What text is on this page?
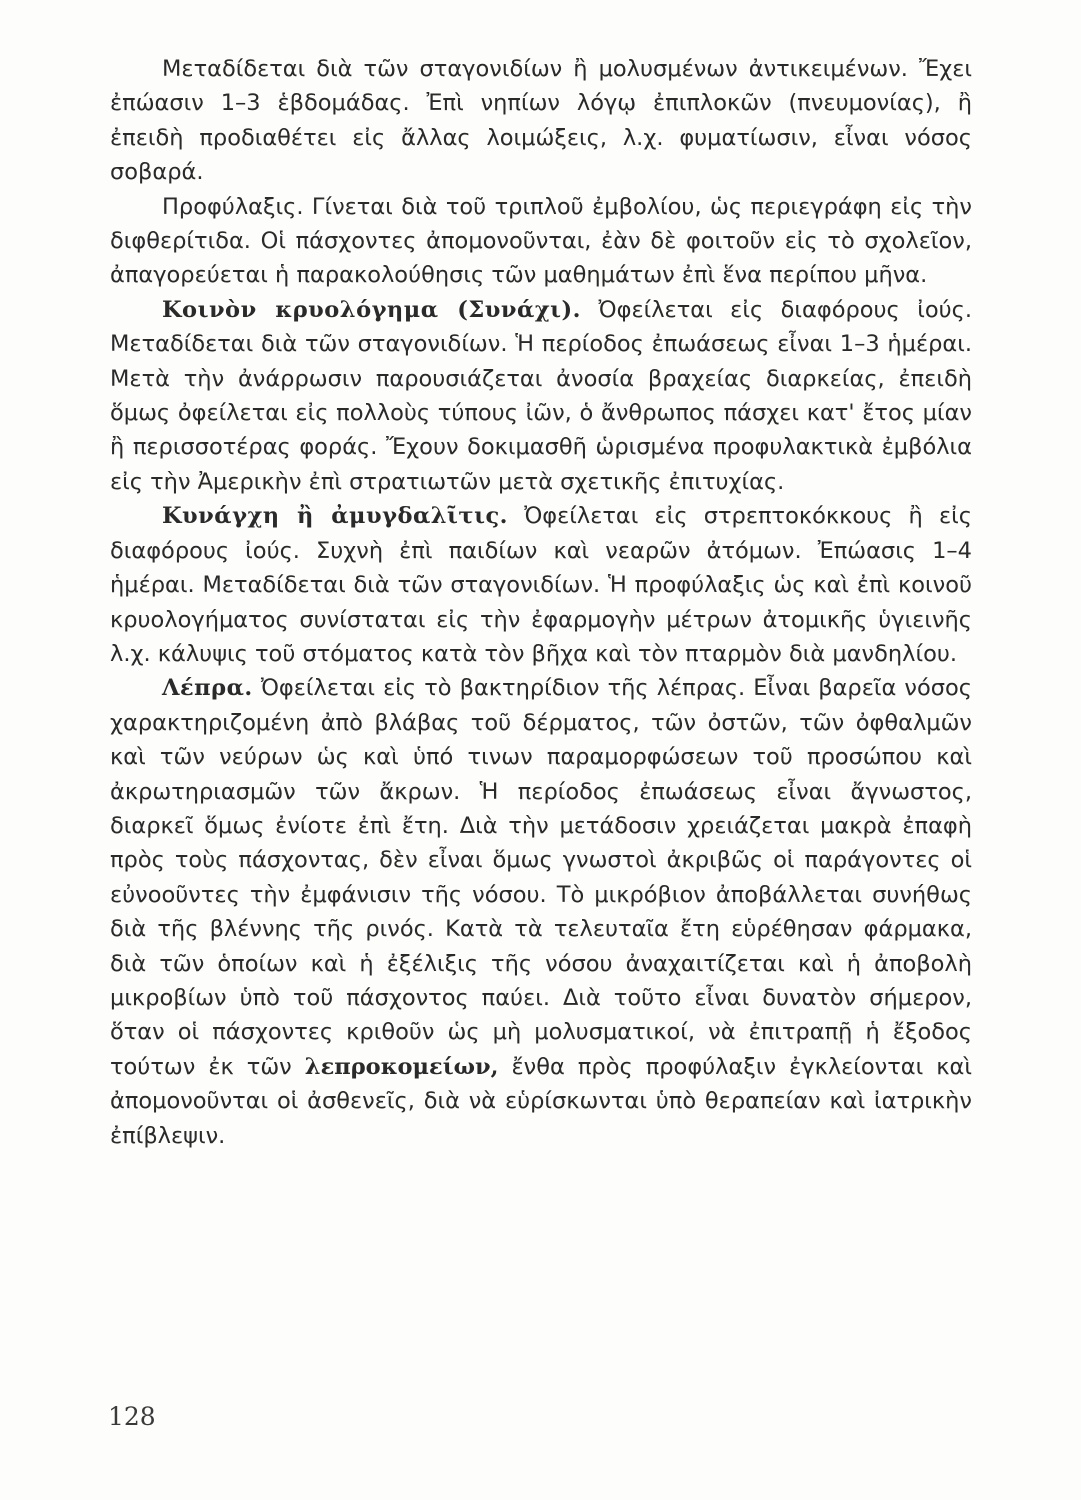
Μεταδίδεται διὰ τῶν σταγονιδίων ἢ μολυσμένων ἀντικειμένων. Ἔχει ἐπώασιν 1–3 ἑβδομάδας. Ἐπὶ νηπίων λόγῳ ἐπιπλοκῶν (πνευμονίας), ἢ ἐπειδὴ προδιαθέτει εἰς ἄλλας λοιμώξεις, λ.χ. φυματίωσιν, εἶναι νόσος σοβαρά.

Προφύλαξις. Γίνεται διὰ τοῦ τριπλοῦ ἐμβολίου, ὡς περιεγράφη εἰς τὴν διφθερίτιδα. Οἱ πάσχοντες ἀπομονοῦνται, ἐὰν δὲ φοιτοῦν εἰς τὸ σχολεῖον, ἀπαγορεύεται ἡ παρακολούθησις τῶν μαθημάτων ἐπὶ ἕνα περίπου μῆνα.

Κοινὸν κρυολόγημα (Συνάχι). Ὀφείλεται εἰς διαφόρους ἰούς. Μεταδίδεται διὰ τῶν σταγονιδίων. Ἡ περίοδος ἐπωάσεως εἶναι 1–3 ἡμέραι. Μετὰ τὴν ἀνάρρωσιν παρουσιάζεται ἀνοσία βραχείας διαρκείας, ἐπειδὴ ὅμως ὀφείλεται εἰς πολλοὺς τύπους ἰῶν, ὁ ἄνθρωπος πάσχει κατ' ἔτος μίαν ἢ περισσοτέρας φοράς. Ἔχουν δοκιμασθῆ ὡρισμένα προφυλακτικὰ ἐμβόλια εἰς τὴν Ἀμερικὴν ἐπὶ στρατιωτῶν μετὰ σχετικῆς ἐπιτυχίας.

Κυνάγχη ἢ ἀμυγδαλῖτις. Ὀφείλεται εἰς στρεπτοκόκκους ἢ εἰς διαφόρους ἰούς. Συχνὴ ἐπὶ παιδίων καὶ νεαρῶν ἀτόμων. Ἐπώασις 1–4 ἡμέραι. Μεταδίδεται διὰ τῶν σταγονιδίων. Ἡ προφύλαξις ὡς καὶ ἐπὶ κοινοῦ κρυολογήματος συνίσταται εἰς τὴν ἐφαρμογὴν μέτρων ἀτομικῆς ὑγιεινῆς λ.χ. κάλυψις τοῦ στόματος κατὰ τὸν βῆχα καὶ τὸν πταρμὸν διὰ μανδηλίου.

Λέπρα. Ὀφείλεται εἰς τὸ βακτηρίδιον τῆς λέπρας. Εἶναι βαρεῖα νόσος χαρακτηριζομένη ἀπὸ βλάβας τοῦ δέρματος, τῶν ὀστῶν, τῶν ὀφθαλμῶν καὶ τῶν νεύρων ὡς καὶ ὑπό τινων παραμορφώσεων τοῦ προσώπου καὶ ἀκρωτηριασμῶν τῶν ἄκρων. Ἡ περίοδος ἐπωάσεως εἶναι ἄγνωστος, διαρκεῖ ὅμως ἐνίοτε ἐπὶ ἔτη. Διὰ τὴν μετάδοσιν χρειάζεται μακρὰ ἐπαφὴ πρὸς τοὺς πάσχοντας, δὲν εἶναι ὅμως γνωστοὶ ἀκριβῶς οἱ παράγοντες οἱ εὐνοοῦντες τὴν ἐμφάνισιν τῆς νόσου. Τὸ μικρόβιον ἀποβάλλεται συνήθως διὰ τῆς βλέννης τῆς ρινός. Κατὰ τὰ τελευταῖα ἔτη εὑρέθησαν φάρμακα, διὰ τῶν ὁποίων καὶ ἡ ἐξέλιξις τῆς νόσου ἀναχαιτίζεται καὶ ἡ ἀποβολὴ μικροβίων ὑπὸ τοῦ πάσχοντος παύει. Διὰ τοῦτο εἶναι δυνατὸν σήμερον, ὅταν οἱ πάσχοντες κριθοῦν ὡς μὴ μολυσματικοί, νὰ ἐπιτραπῇ ἡ ἔξοδος τούτων ἐκ τῶν λεπροκομείων, ἔνθα πρὸς προφύλαξιν ἐγκλείονται καὶ ἀπομονοῦνται οἱ ἀσθενεῖς, διὰ νὰ εὑρίσκωνται ὑπὸ θεραπείαν καὶ ἰατρικὴν ἐπίβλεψιν.

128
